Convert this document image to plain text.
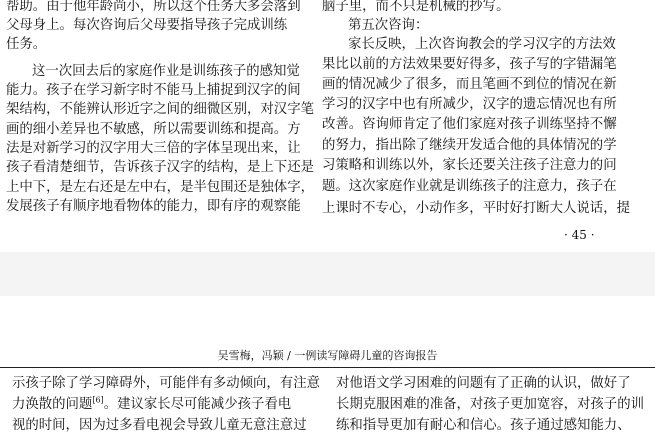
帮助。由于他年龄尚小，所以这个任务大多会落到
父母身上。每次咨询后父母要指导孩子完成训练
任务。
这一次回去后的家庭作业是训练孩子的感知觉
能力。孩子在学习新字时不能马上捕捉到汉字的间
架结构，不能辨认形近字之间的细微区别，对汉字笔
画的细小差异也不敏感，所以需要训练和提高。方
法是对新学习的汉字用大三倍的字体呈现出来，让
孩子看清楚细节，告诉孩子汉字的结构，是上下还是
上中下，是左右还是左中右，是半包围还是独体字，
发展孩子有顺序地看物体的能力，即有序的观察能
脑子里，而不只是机械的抄写。
第五次咨询：
家长反映，上次咨询教会的学习汉字的方法效
果比以前的方法效果要好得多，孩子写的字错漏笔
画的情况减少了很多，而且笔画不到位的情况在新
学习的汉字中也有所减少，汉字的遗忘情况也有所
改善。咨询师肯定了他们家庭对孩子训练坚持不懈
的努力，指出除了继续开发适合他的具体情况的学
习策略和训练以外，家长还要关注孩子注意力的问
题。这次家庭作业就是训练孩子的注意力，孩子在
上课时不专心，小动作多，平时好打断大人说话，提
· 45 ·
吴雪梅，冯颖 / 一例读写障碍儿童的咨询报告
示孩子除了学习障碍外，可能伴有多动倾向，有注意
力涣散的问题[6]。建议家长尽可能减少孩子看电
视的时间，因为过多看电视会导致儿童无意注意过
对他语文学习困难的问题有了正确的认识，做好了
长期克服困难的准备，对孩子更加宽容，对孩子的训
练和指导更加有耐心和信心。孩子通过感知能力、
